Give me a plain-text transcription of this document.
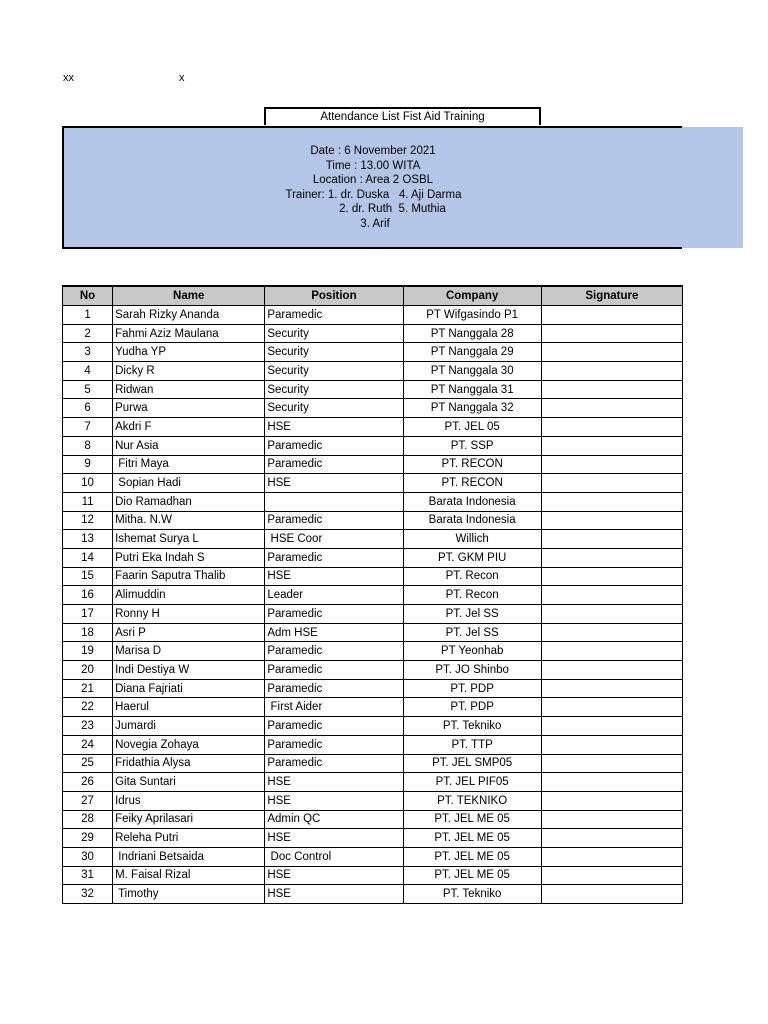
xx	x
Attendance List Fist Aid Training
Date : 6 November 2021
Time : 13.00 WITA
Location : Area 2 OSBL
Trainer: 1. dr. Duska   4. Aji Darma
2. dr. Ruth  5. Muthia
3. Arif
No	Name	Position	Company	Signature
1	Sarah Rizky Ananda	Paramedic	PT Wifgasindo P1	
2	Fahmi Aziz Maulana	Security	PT Nanggala 28	
3	Yudha YP	Security	PT Nanggala 29	
4	Dicky R	Security	PT Nanggala 30	
5	Ridwan	Security	PT Nanggala 31	
6	Purwa	Security	PT Nanggala 32	
7	Akdri F	HSE	PT. JEL 05	
8	Nur Asia	Paramedic	PT. SSP	
9	Fitri Maya	Paramedic	PT. RECON	
10	Sopian Hadi	HSE	PT. RECON	
11	Dio Ramadhan		Barata Indonesia	
12	Mitha. N.W	Paramedic	Barata Indonesia	
13	Ishemat Surya L	HSE Coor	Willich	
14	Putri Eka Indah S	Paramedic	PT. GKM PIU	
15	Faarin Saputra Thalib	HSE	PT. Recon	
16	Alimuddin	Leader	PT. Recon	
17	Ronny H	Paramedic	PT. Jel SS	
18	Asri P	Adm HSE	PT. Jel SS	
19	Marisa D	Paramedic	PT Yeonhab	
20	Indi Destiya W	Paramedic	PT. JO Shinbo	
21	Diana Fajriati	Paramedic	PT. PDP	
22	Haerul	First Aider	PT. PDP	
23	Jumardi	Paramedic	PT. Tekniko	
24	Novegia Zohaya	Paramedic	PT. TTP	
25	Fridathia Alysa	Paramedic	PT. JEL SMP05	
26	Gita Suntari	HSE	PT. JEL PIF05	
27	Idrus	HSE	PT. TEKNIKO	
28	Feiky Aprilasari	Admin QC	PT. JEL ME 05	
29	Releha Putri	HSE	PT. JEL ME 05	
30	Indriani Betsaida	Doc Control	PT. JEL ME 05	
31	M. Faisal Rizal	HSE	PT. JEL ME 05	
32	Timothy	HSE	PT. Tekniko	
